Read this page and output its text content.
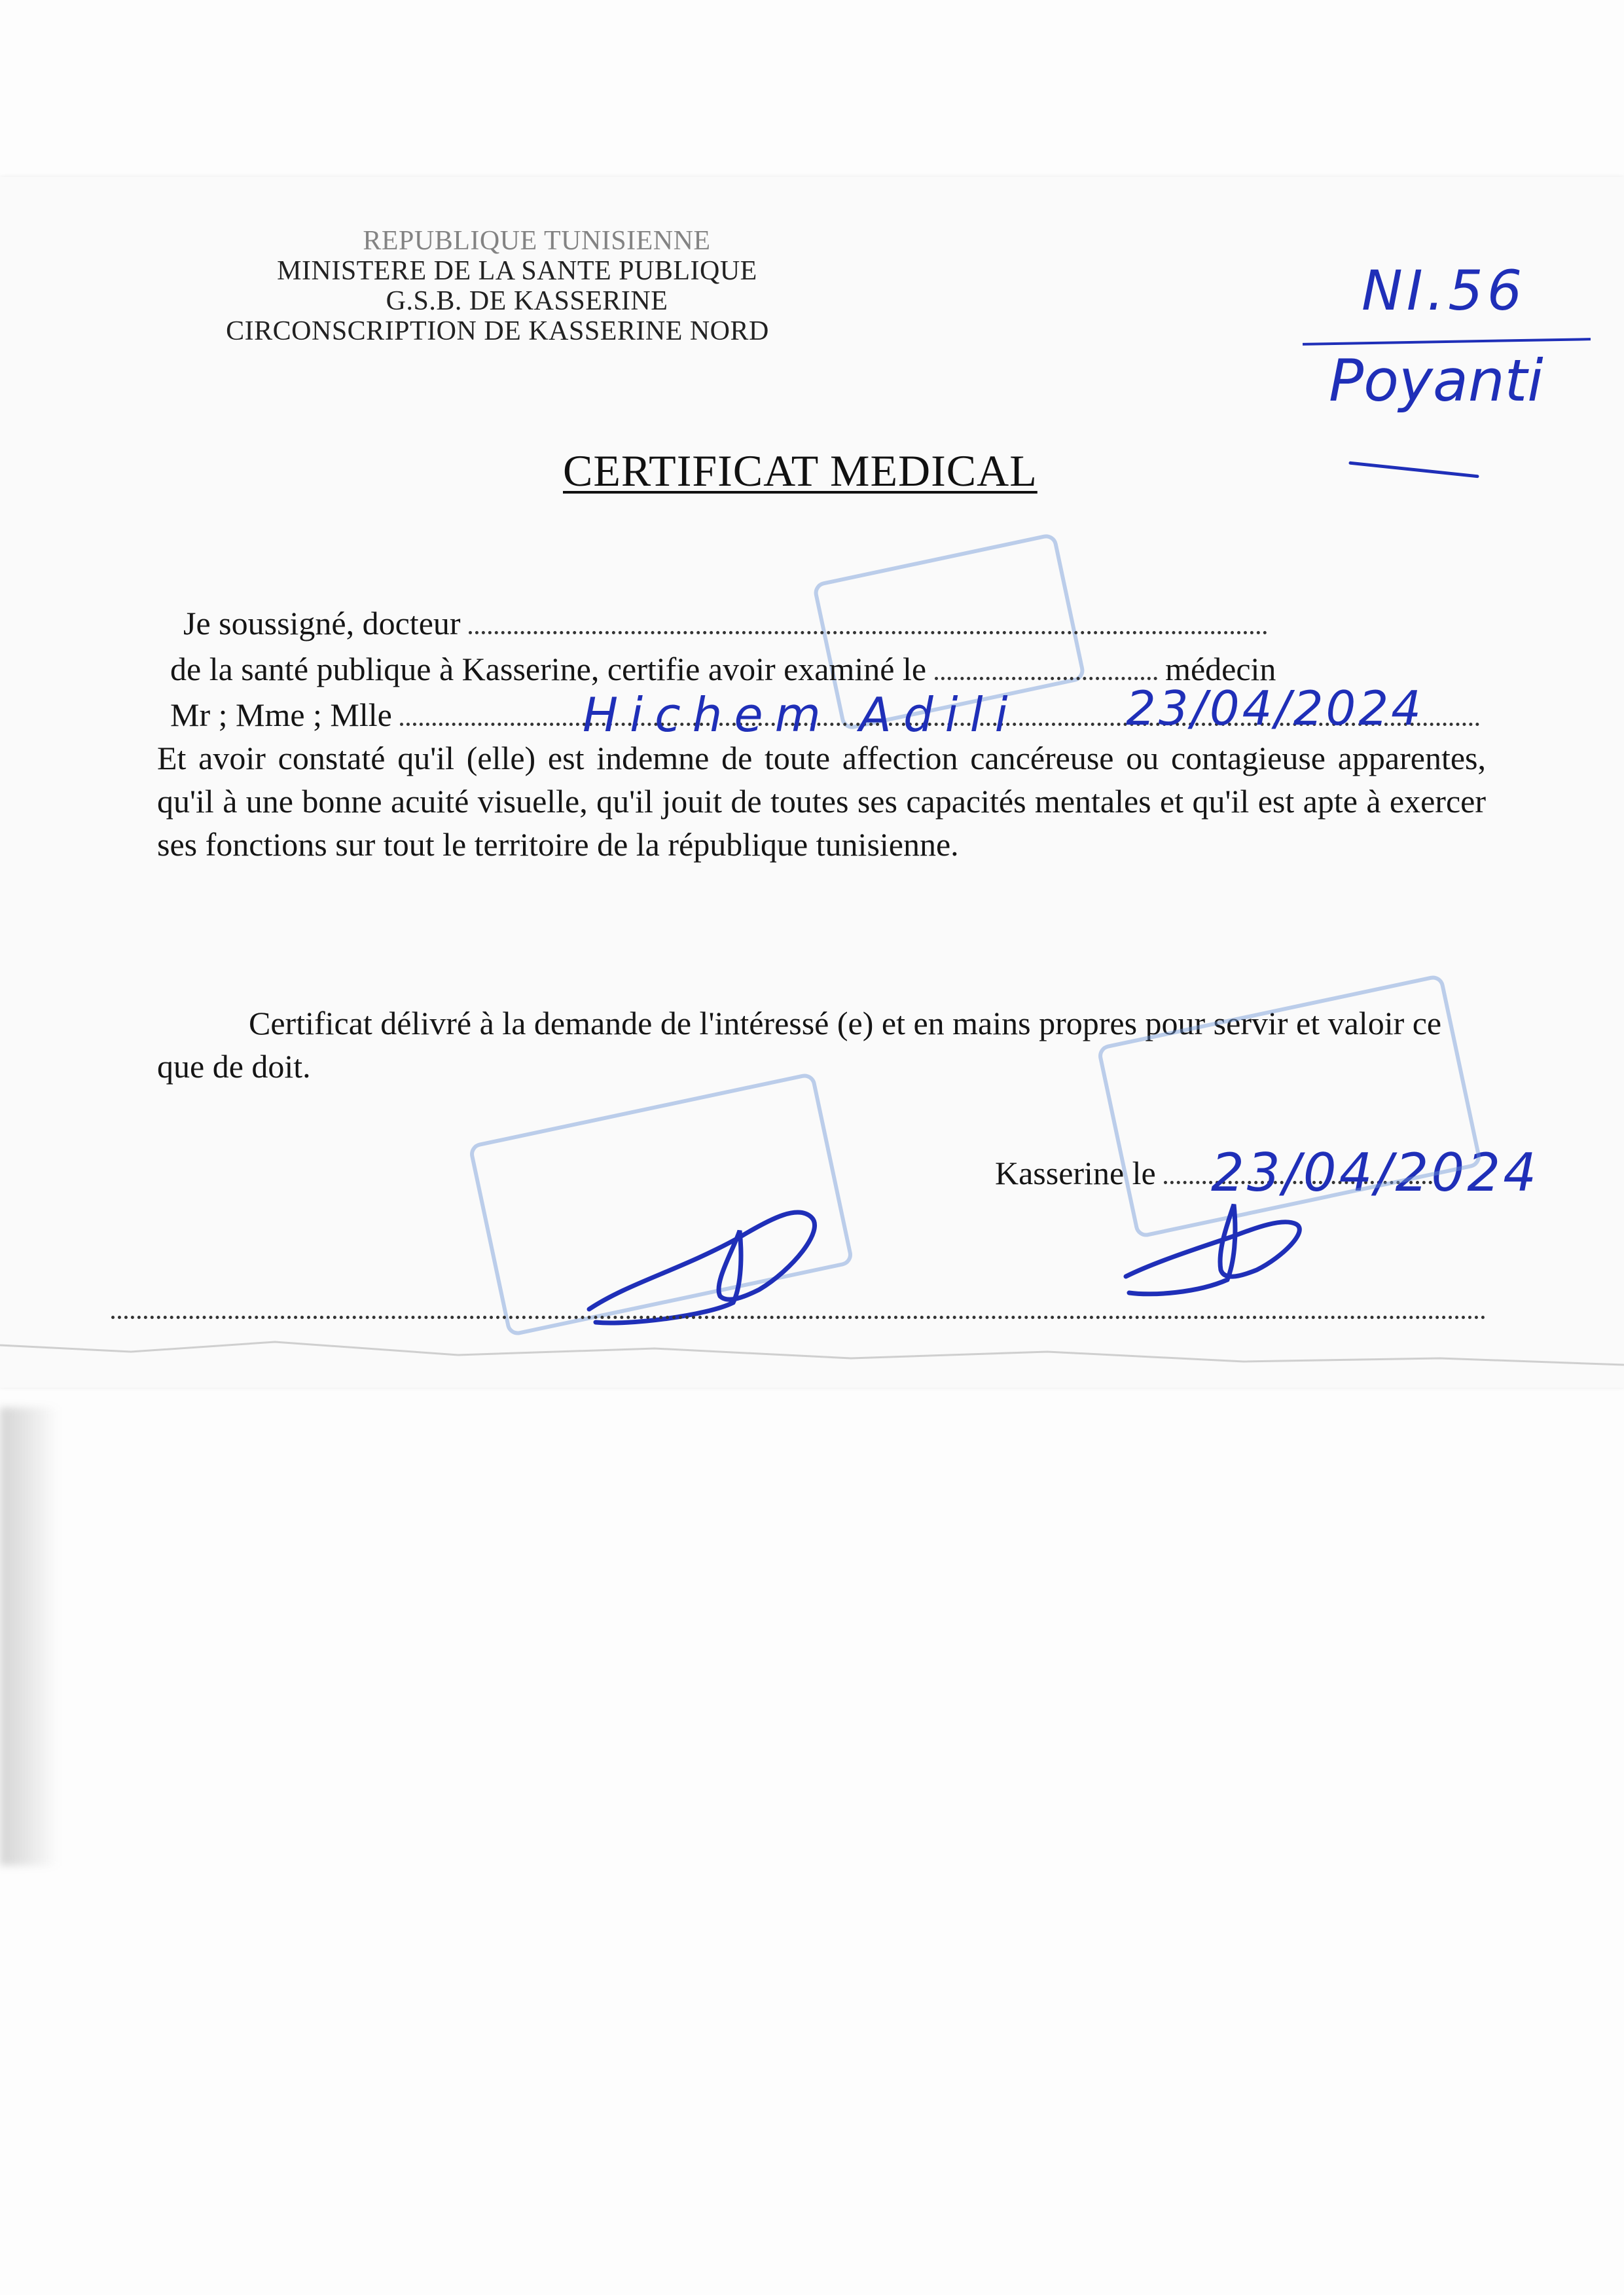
REPUBLIQUE TUNISIENNE
MINISTERE DE LA SANTE PUBLIQUE
G.S.B. DE KASSERINE
CIRCONSCRIPTION DE KASSERINE NORD
NI.56
Poyanti
CERTIFICAT MEDICAL
Je soussigné, docteur
de la santé publique à Kasserine, certifie avoir examiné le	médecin
Mr ; Mme ; Mlle
Et avoir constaté qu'il (elle) est indemne de toute affection cancéreuse ou contagieuse apparentes, qu'il à une bonne acuité visuelle, qu'il jouit de toutes ses capacités mentales et qu'il est apte à exercer ses fonctions sur tout le territoire de la république tunisienne.
Certificat délivré à la demande de l'intéressé (e) et en mains propres pour servir et valoir ce que de doit.
Kasserine le
Hichem Adili 23/04/2024
23/04/2024
